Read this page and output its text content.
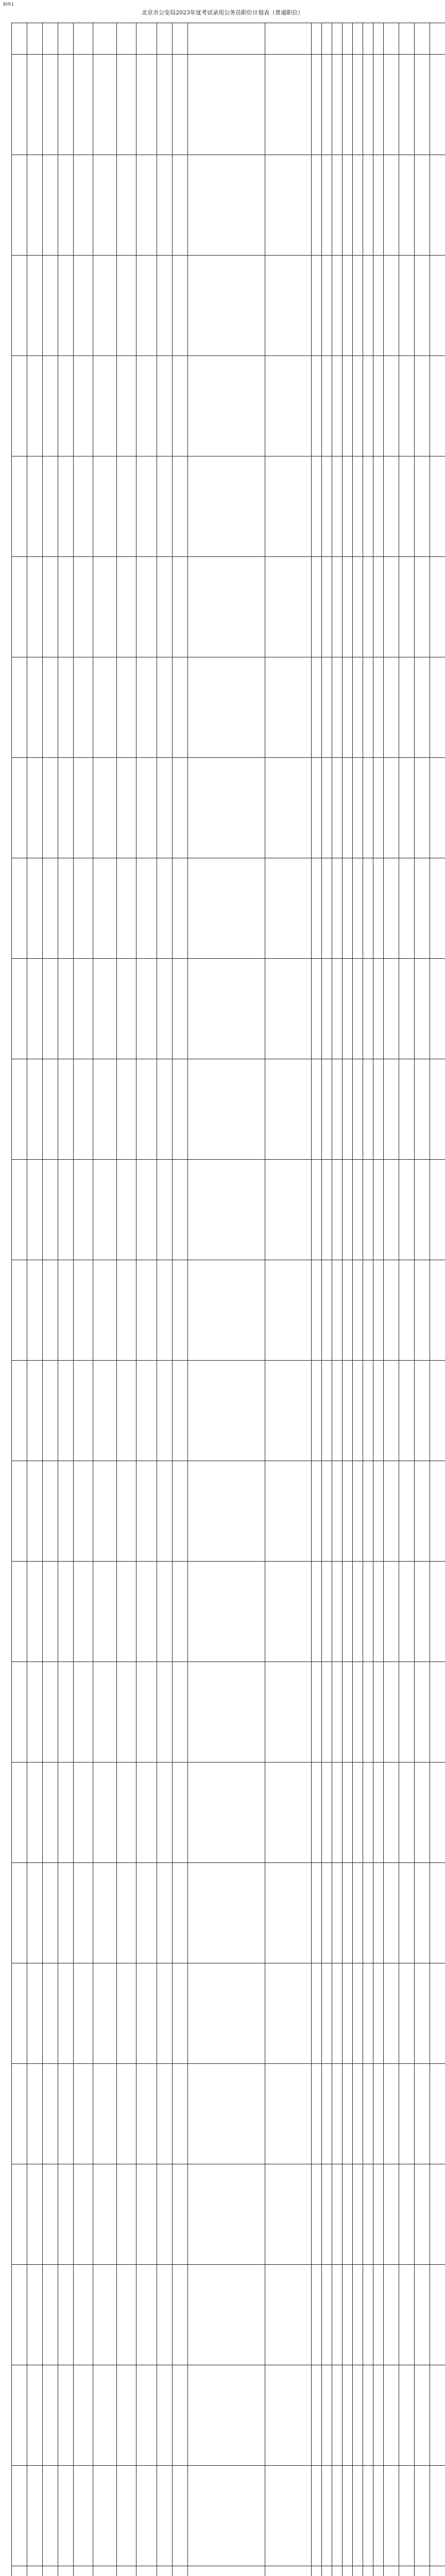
附件1
北京市公安局2023年度考试录用公务员职位计划表（普通职位）
